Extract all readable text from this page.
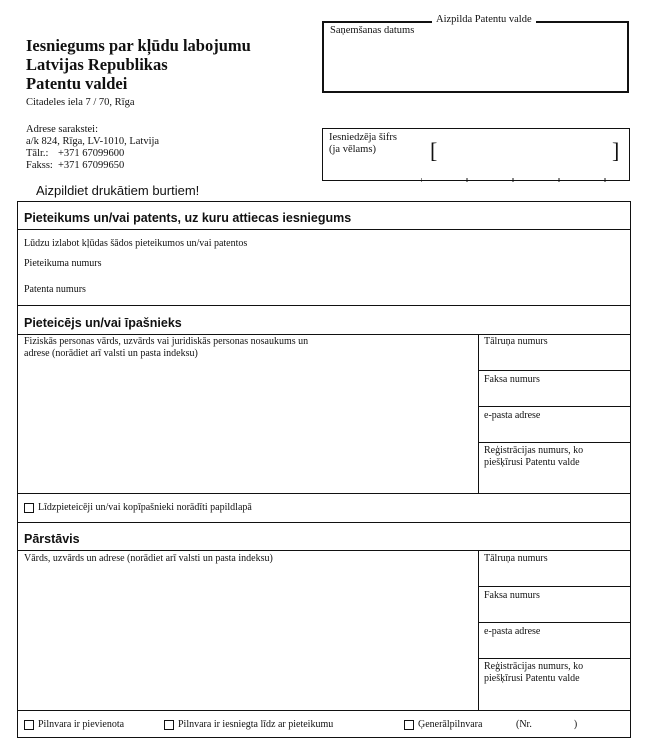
Iesniegums par kļūdu labojumu
Latvijas Republikas
Patentu valdei
Citadeles iela 7 / 70, Rīga
Adrese sarakstei:
a/k 824, Rīga, LV-1010, Latvija
Tālr.: +371 67099600
Fakss: +371 67099650
Aizpilda Patentu valde
Saņemšanas datums
Iesniedzēja šifrs
(ja vēlams)	[	]
Aizpildiet drukātiem burtiem!
Pieteikums un/vai patents, uz kuru attiecas iesniegums
Lūdzu izlabot kļūdas šādos pieteikumos un/vai patentos
Pieteikuma numurs
Patenta numurs
Pieteicējs un/vai īpašnieks
Fiziskās personas vārds, uzvārds vai juridiskās personas nosaukums un
adrese (norādiet arī valsti un pasta indeksu)
Tālruņa numurs
Faksa numurs
e-pasta adrese
Reģistrācijas numurs, ko
piešķīrusi Patentu valde
Līdzpieteicēji un/vai kopīpašnieki norādīti papildlapā
Pārstāvis
Vārds, uzvārds un adrese (norādiet arī valsti un pasta indeksu)	Tālruņa numurs
Faksa numurs
e-pasta adrese
Reģistrācijas numurs, ko
piešķīrusi Patentu valde
Pilnvara ir pievienota	Pilnvara ir iesniegta līdz ar pieteikumu	Ģenerālpilnvara	(Nr.	)
